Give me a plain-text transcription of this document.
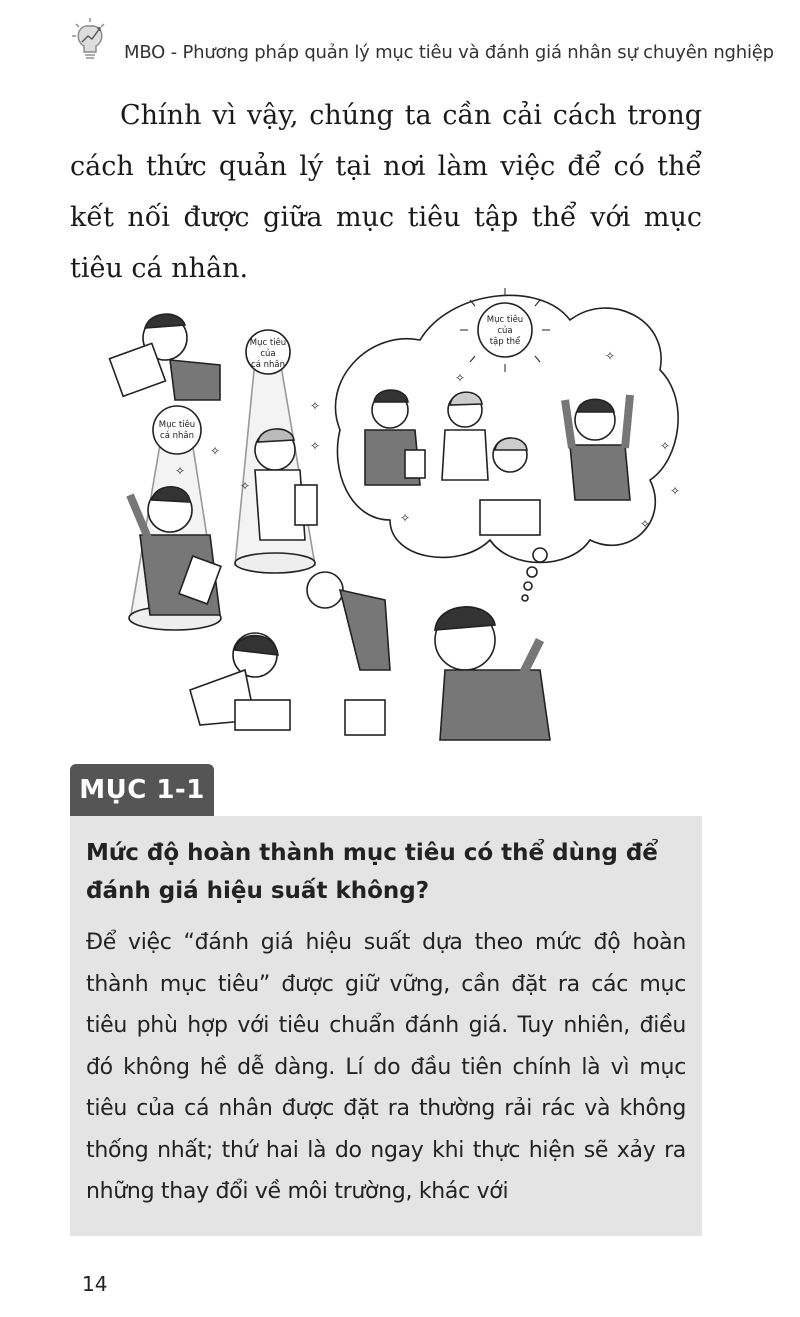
MBO - Phương pháp quản lý mục tiêu và đánh giá nhân sự chuyên nghiệp

Chính vì vậy, chúng ta cần cải cách trong cách thức quản lý tại nơi làm việc để có thể kết nối được giữa mục tiêu tập thể với mục tiêu cá nhân.

Mục tiêu
của
tập thể
Mục tiêu
cá nhân
Mục tiêu
của
cá nhân
✧
✧
✧
✧
✧
✧
✧
✧
✧
✧	✧
MỤC 1-1
Mức độ hoàn thành mục tiêu có thể dùng để đánh giá hiệu suất không?

Để việc “đánh giá hiệu suất dựa theo mức độ hoàn thành mục tiêu” được giữ vững, cần đặt ra các mục tiêu phù hợp với tiêu chuẩn đánh giá. Tuy nhiên, điều đó không hề dễ dàng. Lí do đầu tiên chính là vì mục tiêu của cá nhân được đặt ra thường rải rác và không thống nhất; thứ hai là do ngay khi thực hiện sẽ xảy ra những thay đổi về môi trường, khác với

14
